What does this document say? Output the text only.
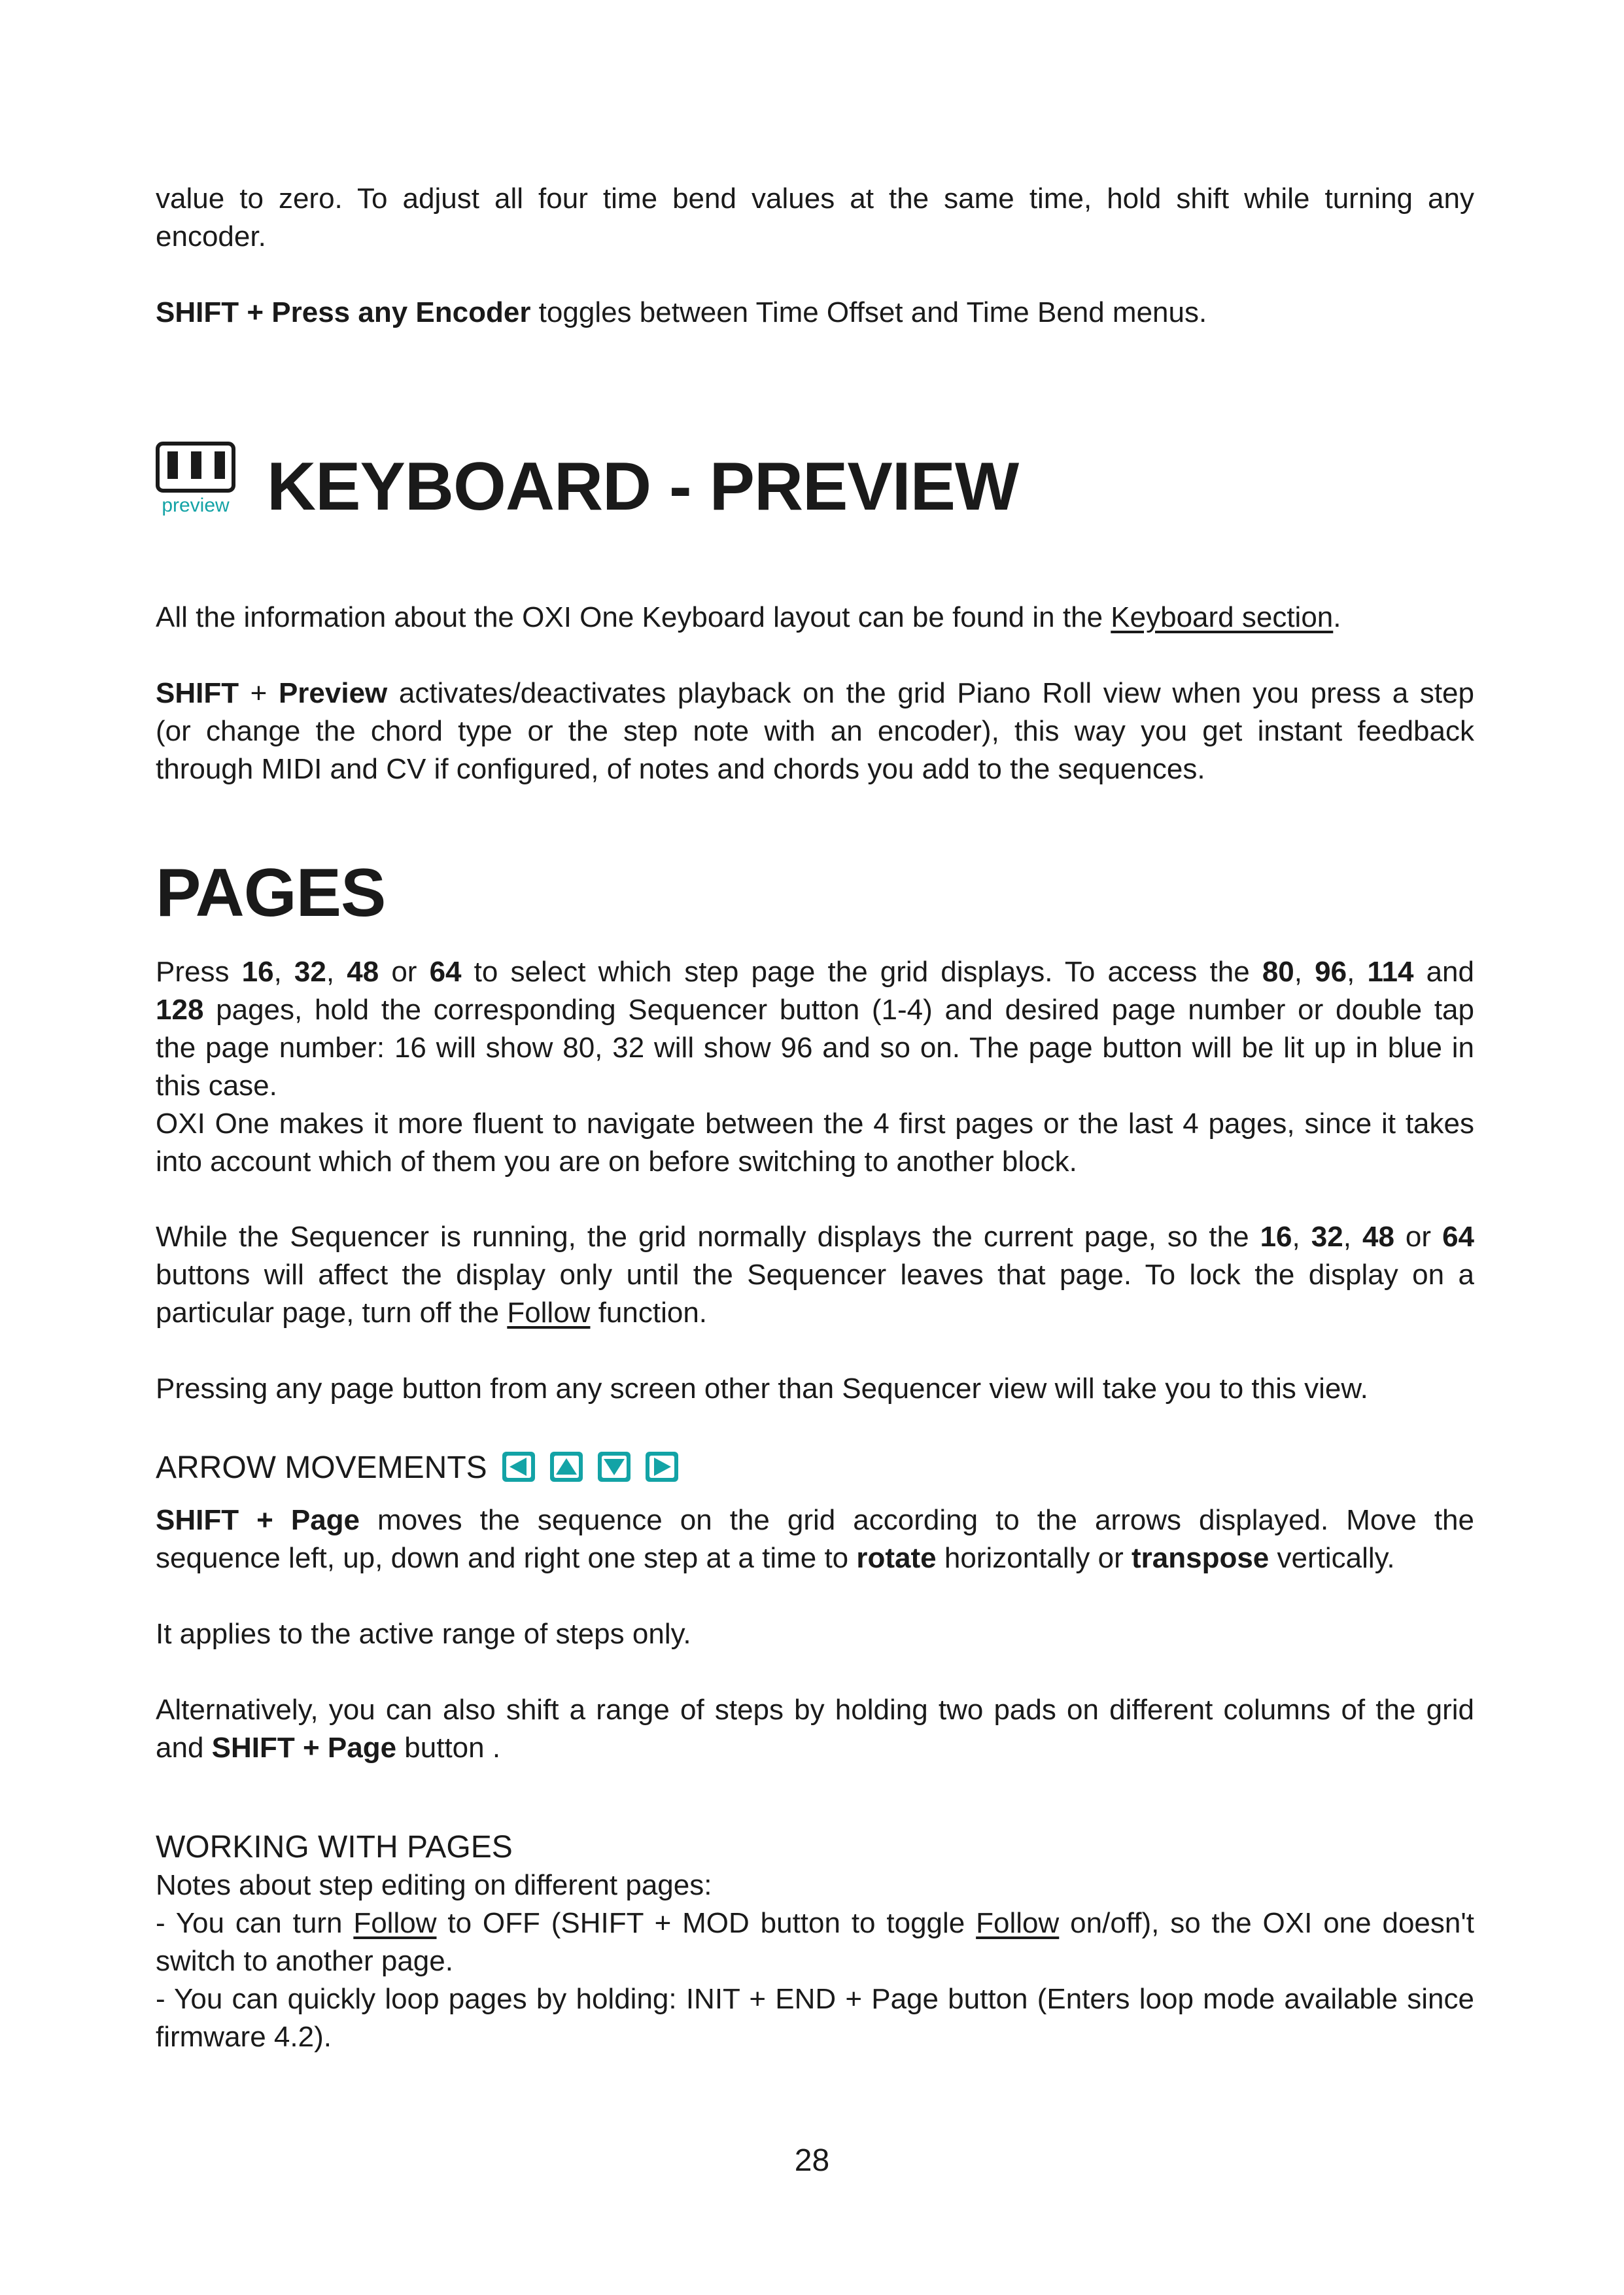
value to zero. To adjust all four time bend values at the same time, hold shift while turning any

encoder.

SHIFT + Press any Encoder toggles between Time Offset and Time Bend menus.

preview KEYBOARD - PREVIEW

All the information about the OXI One Keyboard layout can be found in the Keyboard section.

SHIFT + Preview activates/deactivates playback on the grid Piano Roll view when you press a step

(or change the chord type or the step note with an encoder), this way you get instant feedback

through MIDI and CV if configured, of notes and chords you add to the sequences.

PAGES

Press 16, 32, 48 or 64 to select which step page the grid displays. To access the 80, 96, 114 and

128 pages, hold the corresponding Sequencer button (1-4) and desired page number or double tap

the page number: 16 will show 80, 32 will show 96 and so on. The page button will be lit up in blue in

this case.

OXI One makes it more fluent to navigate between the 4 first pages or the last 4 pages, since it takes

into account which of them you are on before switching to another block.

While the Sequencer is running, the grid normally displays the current page, so the 16, 32, 48 or 64

buttons will affect the display only until the Sequencer leaves that page. To lock the display on a

particular page, turn off the Follow function.

Pressing any page button from any screen other than Sequencer view will take you to this view.

ARROW MOVEMENTS

SHIFT + Page moves the sequence on the grid according to the arrows displayed. Move the

sequence left, up, down and right one step at a time to rotate horizontally or transpose vertically.

It applies to the active range of steps only.

Alternatively, you can also shift a range of steps by holding two pads on different columns of the grid

and SHIFT + Page button .

WORKING WITH PAGES

Notes about step editing on different pages:

- You can turn Follow to OFF (SHIFT + MOD button to toggle Follow on/off), so the OXI one doesn't

switch to another page.

- You can quickly loop pages by holding: INIT + END + Page button (Enters loop mode available since

firmware 4.2).

28
